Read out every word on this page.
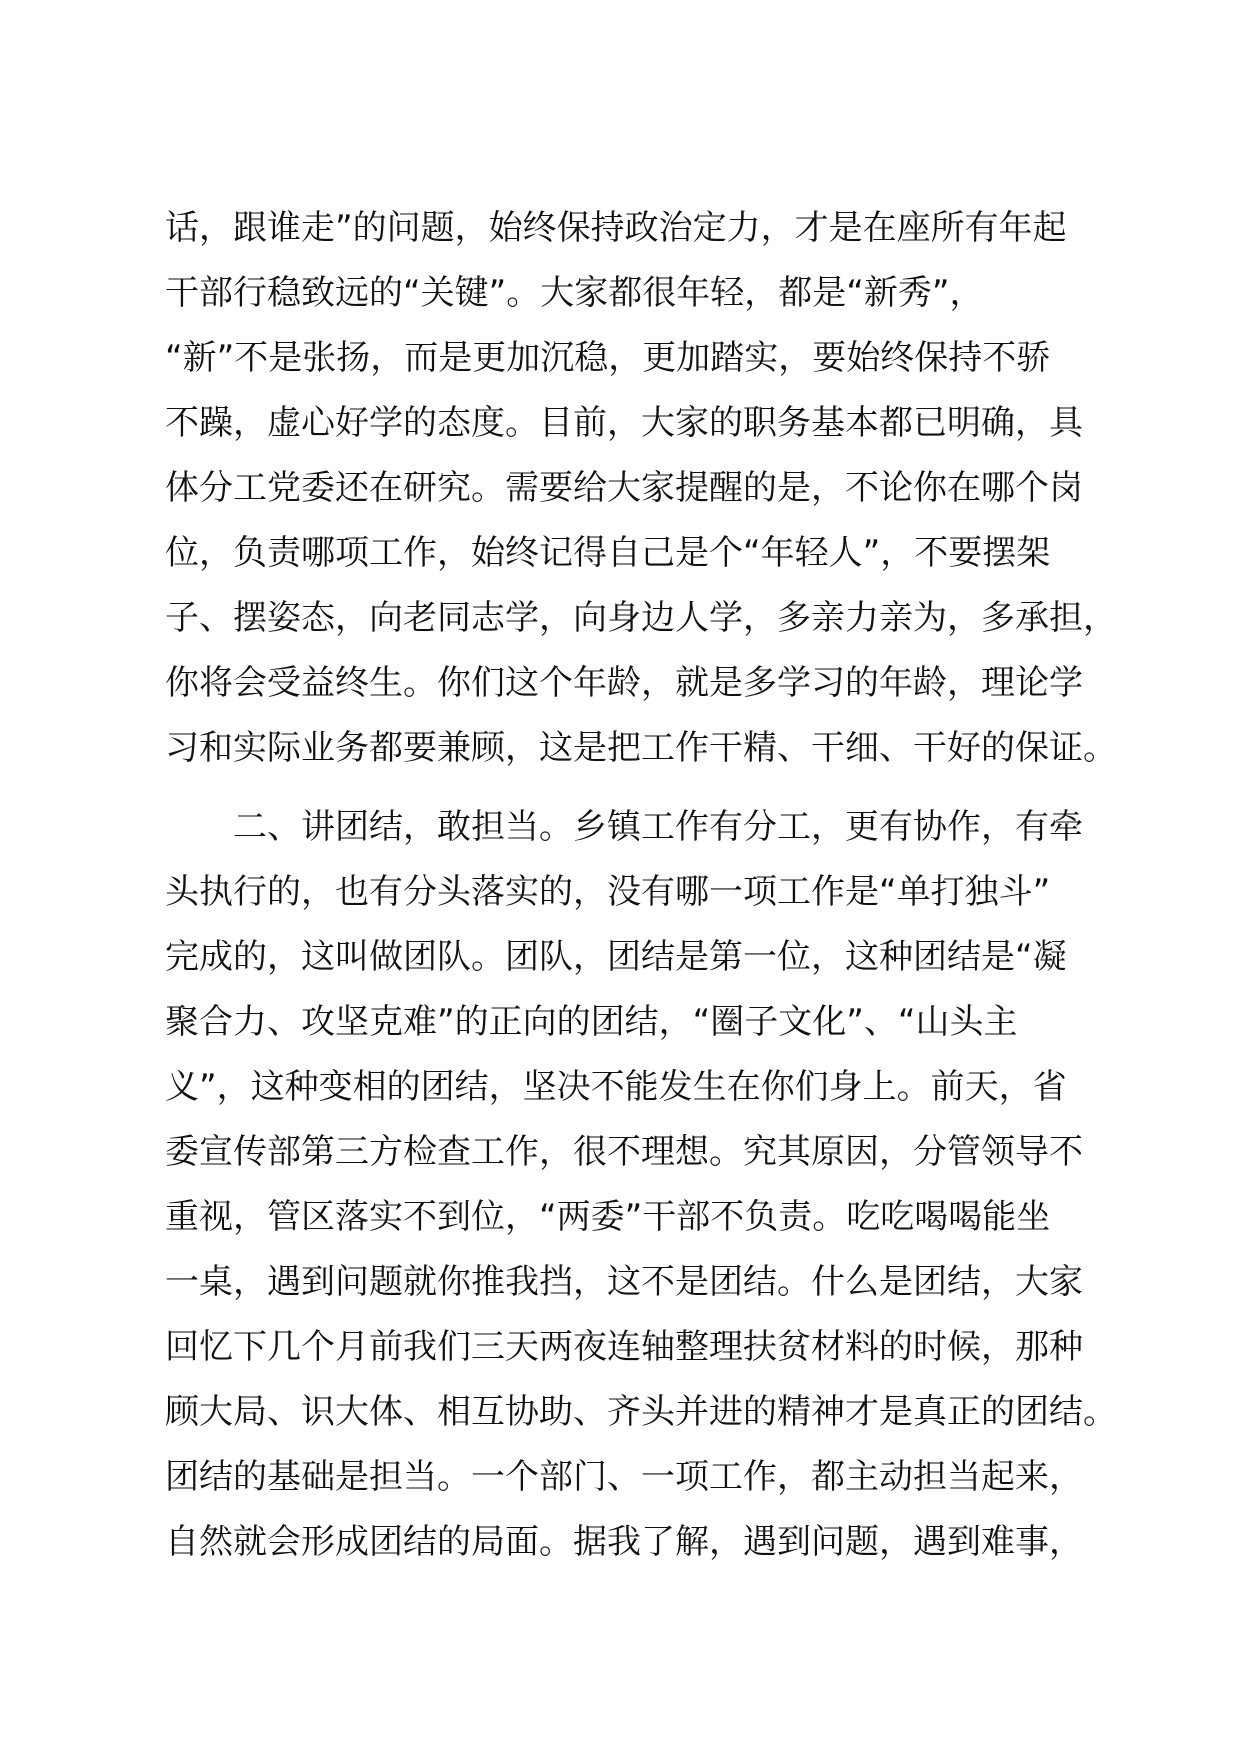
话，跟谁走”的问题，始终保持政治定力，才是在座所有年起
干部行稳致远的“关键”。大家都很年轻，都是“新秀”，
“新”不是张扬，而是更加沉稳，更加踏实，要始终保持不骄
不躁，虚心好学的态度。目前，大家的职务基本都已明确，具
体分工党委还在研究。需要给大家提醒的是，不论你在哪个岗
位，负责哪项工作，始终记得自己是个“年轻人”，不要摆架
子、摆姿态，向老同志学，向身边人学，多亲力亲为，多承担，
你将会受益终生。你们这个年龄，就是多学习的年龄，理论学
习和实际业务都要兼顾，这是把工作干精、干细、干好的保证。
二、讲团结，敢担当。乡镇工作有分工，更有协作，有牵
头执行的，也有分头落实的，没有哪一项工作是“单打独斗”
完成的，这叫做团队。团队，团结是第一位，这种团结是“凝
聚合力、攻坚克难”的正向的团结，“圈子文化”、“山头主
义”，这种变相的团结，坚决不能发生在你们身上。前天，省
委宣传部第三方检查工作，很不理想。究其原因，分管领导不
重视，管区落实不到位，“两委”干部不负责。吃吃喝喝能坐
一桌，遇到问题就你推我挡，这不是团结。什么是团结，大家
回忆下几个月前我们三天两夜连轴整理扶贫材料的时候，那种
顾大局、识大体、相互协助、齐头并进的精神才是真正的团结。
团结的基础是担当。一个部门、一项工作，都主动担当起来，
自然就会形成团结的局面。据我了解，遇到问题，遇到难事，
